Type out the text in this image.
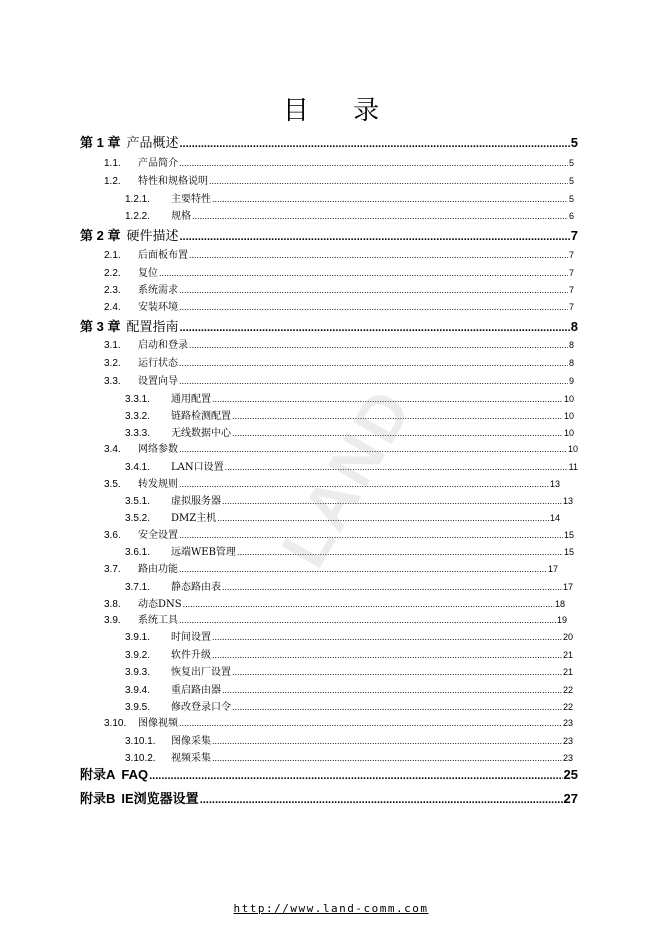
目 录
第 1 章 产品概述 .....	5
1.1.	产品简介 .....	5
1.2.	特性和规格说明 .....	5
1.2.1.	主要特性 .....	5
1.2.2.	规格 .....	6
第 2 章 硬件描述 .....	7
2.1.	后面板布置 .....	7
2.2.	复位 .....	7
2.3.	系统需求 .....	7
2.4.	安装环境 .....	7
第 3 章 配置指南 .....	8
3.1.	启动和登录 .....	8
3.2.	运行状态 .....	8
3.3.	设置向导 .....	9
3.3.1.	通用配置 .....	10
3.3.2.	链路检测配置 .....	10
3.3.3.	无线数据中心 .....	10
3.4.	网络参数 .....	10
3.4.1.	LAN口设置 .....	11
3.5.	转发规则 .....	13
3.5.1.	虚拟服务器 .....	13
3.5.2.	DMZ主机 .....	14
3.6.	安全设置 .....	15
3.6.1.	远端WEB管理 .....	15
3.7.	路由功能 .....	17
3.7.1.	静态路由表 .....	17
3.8.	动态DNS .....	18
3.9.	系统工具 .....	19
3.9.1.	时间设置 .....	20
3.9.2.	软件升级 .....	21
3.9.3.	恢复出厂设置 .....	21
3.9.4.	重启路由器 .....	22
3.9.5.	修改登录口令 .....	22
3.10.	图像视频 .....	23
3.10.1.	图像采集 .....	23
3.10.2.	视频采集 .....	23
附录A FAQ .....	25
附录B IE浏览器设置 .....	27
LAND
http://www.land-comm.com
